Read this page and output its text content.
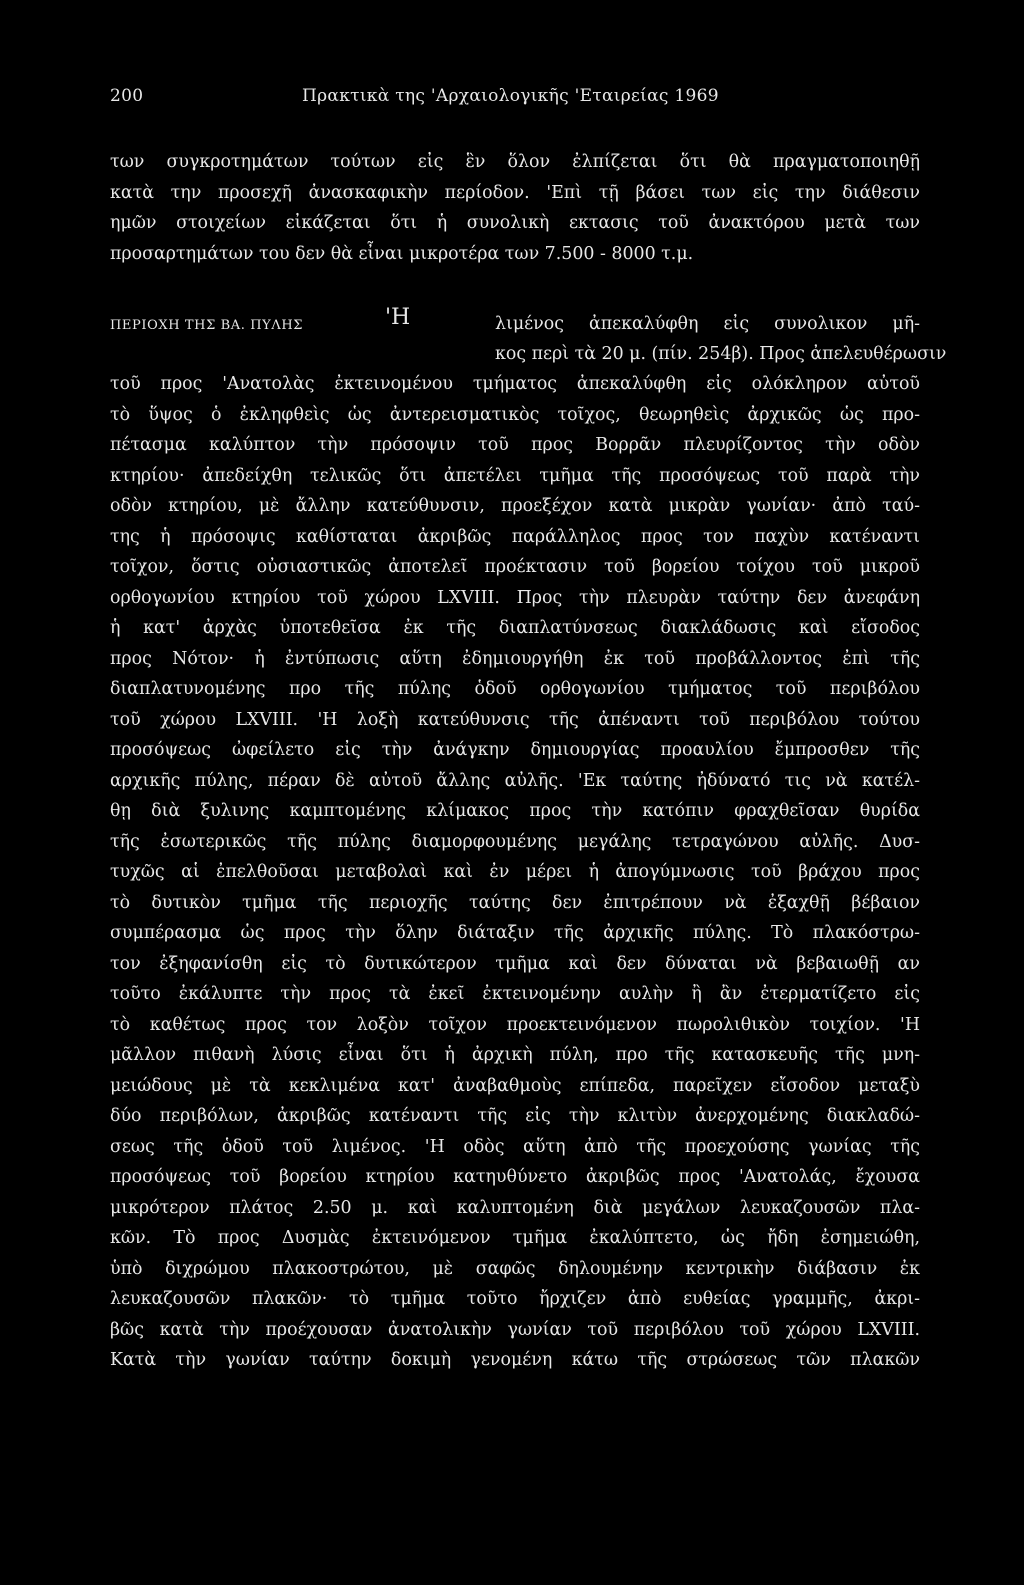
200	Πρακτικὰ της 'Αρχαιολογικῆς 'Εταιρείας 1969
των συγκροτημάτων τούτων εἰς ἓν ὅλον ἐλπίζεται ὅτι θὰ πραγματοποιηθῇ
κατὰ την προσεχῆ ἀνασκαφικὴν περίοδον. 'Επὶ τῇ βάσει των εἰς την διάθεσιν
ημῶν στοιχείων εἰκάζεται ὅτι ἡ συνολικὴ εκτασις τοῦ ἀνακτόρου μετὰ των
προσαρτημάτων του δεν θὰ εἶναι μικροτέρα των 7.500 - 8000 τ.μ.
ΠΕΡΙΟΧΗ ΤΗΣ ΒΑ. ΠΥΛΗΣ	'Η	λιμένος ἀπεκαλύφθη εἰς συνολικον μῆ-
κος περὶ τὰ 20 μ. (πίν. 254β). Προς ἀπελευθέρωσιν
τοῦ προς 'Ανατολὰς ἐκτεινομένου τμήματος ἀπεκαλύφθη εἰς ολόκληρον αὐτοῦ
τὸ ὕψος ὁ ἐκληφθεὶς ὡς ἀντερεισματικὸς τοῖχος, θεωρηθεὶς ἀρχικῶς ὡς προ-
πέτασμα καλύπτον τὴν πρόσοψιν τοῦ προς Βορρᾶν πλευρίζοντος τὴν οδὸν
κτηρίου· ἀπεδείχθη τελικῶς ὅτι ἀπετέλει τμῆμα τῆς προσόψεως τοῦ παρὰ τὴν
οδὸν κτηρίου, μὲ ἄλλην κατεύθυνσιν, προεξέχον κατὰ μικρὰν γωνίαν· ἀπὸ ταύ-
της ἡ πρόσοψις καθίσταται ἀκριβῶς παράλληλος προς τον παχὺν κατέναντι
τοῖχον, ὅστις οὐσιαστικῶς ἀποτελεῖ προέκτασιν τοῦ βορείου τοίχου τοῦ μικροῦ
ορθογωνίου κτηρίου τοῦ χώρου LXVIII. Προς τὴν πλευρὰν ταύτην δεν ἀνεφάνη
ἡ κατ' ἀρχὰς ὑποτεθεῖσα ἐκ τῆς διαπλατύνσεως διακλάδωσις καὶ εἴσοδος
προς Νότον· ἡ ἐντύπωσις αὕτη ἐδημιουργήθη ἐκ τοῦ προβάλλοντος ἐπὶ τῆς
διαπλατυνομένης προ τῆς πύλης ὁδοῦ ορθογωνίου τμήματος τοῦ περιβόλου
τοῦ χώρου LXVIII. 'Η λοξὴ κατεύθυνσις τῆς ἀπέναντι τοῦ περιβόλου τούτου
προσόψεως ὠφείλετο εἰς τὴν ἀνάγκην δημιουργίας προαυλίου ἔμπροσθεν τῆς
αρχικῆς πύλης, πέραν δὲ αὐτοῦ ἄλλης αὐλῆς. 'Εκ ταύτης ἠδύνατό τις νὰ κατέλ-
θῃ διὰ ξυλινης καμπτομένης κλίμακος προς τὴν κατόπιν φραχθεῖσαν θυρίδα
τῆς ἐσωτερικῶς τῆς πύλης διαμορφουμένης μεγάλης τετραγώνου αὐλῆς. Δυσ-
τυχῶς αἱ ἐπελθοῦσαι μεταβολαὶ καὶ ἐν μέρει ἡ ἀπογύμνωσις τοῦ βράχου προς
τὸ δυτικὸν τμῆμα τῆς περιοχῆς ταύτης δεν ἐπιτρέπουν νὰ ἐξαχθῇ βέβαιον
συμπέρασμα ὡς προς τὴν ὅλην διάταξιν τῆς ἀρχικῆς πύλης. Τὸ πλακόστρω-
τον ἐξηφανίσθη εἰς τὸ δυτικώτερον τμῆμα καὶ δεν δύναται νὰ βεβαιωθῇ αν
τοῦτο ἐκάλυπτε τὴν προς τὰ ἐκεῖ ἐκτεινομένην αυλὴν ἢ ἂν ἐτερματίζετο εἰς
τὸ καθέτως προς τον λοξὸν τοῖχον προεκτεινόμενον πωρολιθικὸν τοιχίον. 'Η
μᾶλλον πιθανὴ λύσις εἶναι ὅτι ἡ ἀρχικὴ πύλη, προ τῆς κατασκευῆς τῆς μνη-
μειώδους μὲ τὰ κεκλιμένα κατ' ἀναβαθμοὺς επίπεδα, παρεῖχεν εἴσοδον μεταξὺ
δύο περιβόλων, ἀκριβῶς κατέναντι τῆς εἰς τὴν κλιτὺν ἀνερχομένης διακλαδώ-
σεως τῆς ὁδοῦ τοῦ λιμένος. 'Η οδὸς αὕτη ἀπὸ τῆς προεχούσης γωνίας τῆς
προσόψεως τοῦ βορείου κτηρίου κατηυθύνετο ἀκριβῶς προς 'Ανατολάς, ἔχουσα
μικρότερον πλάτος 2.50 μ. καὶ καλυπτομένη διὰ μεγάλων λευκαζουσῶν πλα-
κῶν. Τὸ προς Δυσμὰς ἐκτεινόμενον τμῆμα ἐκαλύπτετο, ὡς ἤδη ἐσημειώθη,
ὑπὸ διχρώμου πλακοστρώτου, μὲ σαφῶς δηλουμένην κεντρικὴν διάβασιν ἐκ
λευκαζουσῶν πλακῶν· τὸ τμῆμα τοῦτο ἤρχιζεν ἀπὸ ευθείας γραμμῆς, ἀκρι-
βῶς κατὰ τὴν προέχουσαν ἀνατολικὴν γωνίαν τοῦ περιβόλου τοῦ χώρου LXVIII.
Κατὰ τὴν γωνίαν ταύτην δοκιμὴ γενομένη κάτω τῆς στρώσεως τῶν πλακῶν
